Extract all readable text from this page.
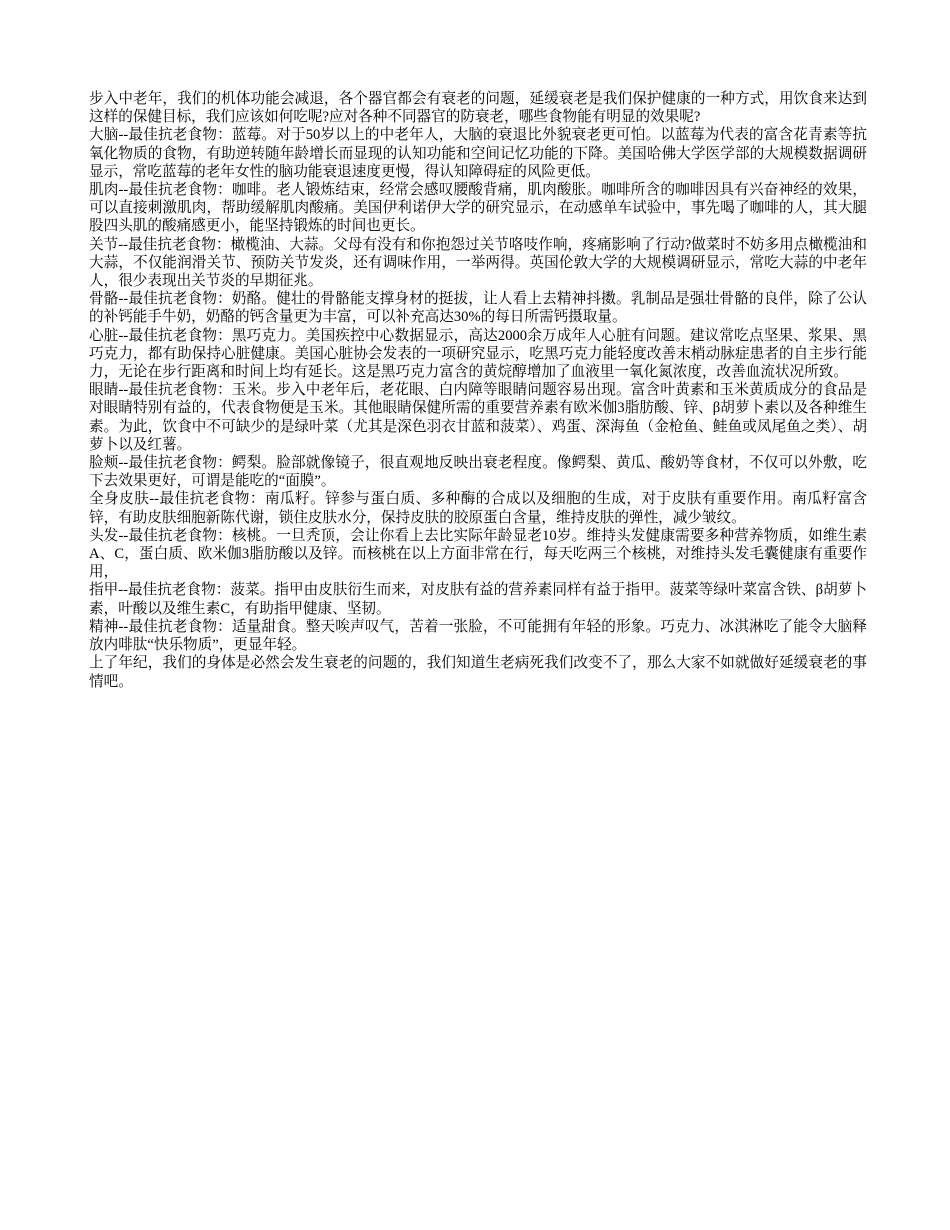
步入中老年，我们的机体功能会减退，各个器官都会有衰老的问题，延缓衰老是我们保护健康的一种方式，用饮食来达到这样的保健目标，我们应该如何吃呢?应对各种不同器官的防衰老，哪些食物能有明显的效果呢?

大脑--最佳抗老食物：蓝莓。对于50岁以上的中老年人，大脑的衰退比外貌衰老更可怕。以蓝莓为代表的富含花青素等抗氧化物质的食物，有助逆转随年龄增长而显现的认知功能和空间记忆功能的下降。美国哈佛大学医学部的大规模数据调研显示，常吃蓝莓的老年女性的脑功能衰退速度更慢，得认知障碍症的风险更低。

肌肉--最佳抗老食物：咖啡。老人锻炼结束，经常会感叹腰酸背痛，肌肉酸胀。咖啡所含的咖啡因具有兴奋神经的效果，可以直接刺激肌肉，帮助缓解肌肉酸痛。美国伊利诺伊大学的研究显示，在动感单车试验中，事先喝了咖啡的人，其大腿股四头肌的酸痛感更小，能坚持锻炼的时间也更长。

关节--最佳抗老食物：橄榄油、大蒜。父母有没有和你抱怨过关节咯吱作响，疼痛影响了行动?做菜时不妨多用点橄榄油和大蒜，不仅能润滑关节、预防关节发炎，还有调味作用，一举两得。英国伦敦大学的大规模调研显示，常吃大蒜的中老年人，很少表现出关节炎的早期征兆。

骨骼--最佳抗老食物：奶酪。健壮的骨骼能支撑身材的挺拔，让人看上去精神抖擞。乳制品是强壮骨骼的良伴，除了公认的补钙能手牛奶，奶酪的钙含量更为丰富，可以补充高达30%的每日所需钙摄取量。

心脏--最佳抗老食物：黑巧克力。美国疾控中心数据显示，高达2000余万成年人心脏有问题。建议常吃点坚果、浆果、黑巧克力，都有助保持心脏健康。美国心脏协会发表的一项研究显示，吃黑巧克力能轻度改善末梢动脉症患者的自主步行能力，无论在步行距离和时间上均有延长。这是黑巧克力富含的黄烷醇增加了血液里一氧化氮浓度，改善血流状况所致。

眼睛--最佳抗老食物：玉米。步入中老年后，老花眼、白内障等眼睛问题容易出现。富含叶黄素和玉米黄质成分的食品是对眼睛特别有益的，代表食物便是玉米。其他眼睛保健所需的重要营养素有欧米伽3脂肪酸、锌、β胡萝卜素以及各种维生素。为此，饮食中不可缺少的是绿叶菜（尤其是深色羽衣甘蓝和菠菜）、鸡蛋、深海鱼（金枪鱼、鲑鱼或凤尾鱼之类）、胡萝卜以及红薯。

脸颊--最佳抗老食物：鳄梨。脸部就像镜子，很直观地反映出衰老程度。像鳄梨、黄瓜、酸奶等食材，不仅可以外敷，吃下去效果更好，可谓是能吃的“面膜”。

全身皮肤--最佳抗老食物：南瓜籽。锌参与蛋白质、多种酶的合成以及细胞的生成，对于皮肤有重要作用。南瓜籽富含锌，有助皮肤细胞新陈代谢，锁住皮肤水分，保持皮肤的胶原蛋白含量，维持皮肤的弹性，减少皱纹。

头发--最佳抗老食物：核桃。一旦秃顶，会让你看上去比实际年龄显老10岁。维持头发健康需要多种营养物质，如维生素A、C，蛋白质、欧米伽3脂肪酸以及锌。而核桃在以上方面非常在行，每天吃两三个核桃，对维持头发毛囊健康有重要作用，

指甲--最佳抗老食物：菠菜。指甲由皮肤衍生而来，对皮肤有益的营养素同样有益于指甲。菠菜等绿叶菜富含铁、β胡萝卜素，叶酸以及维生素C，有助指甲健康、坚韧。

精神--最佳抗老食物：适量甜食。整天唉声叹气，苦着一张脸，不可能拥有年轻的形象。巧克力、冰淇淋吃了能令大脑释放内啡肽“快乐物质”，更显年轻。

上了年纪，我们的身体是必然会发生衰老的问题的，我们知道生老病死我们改变不了，那么大家不如就做好延缓衰老的事情吧。
